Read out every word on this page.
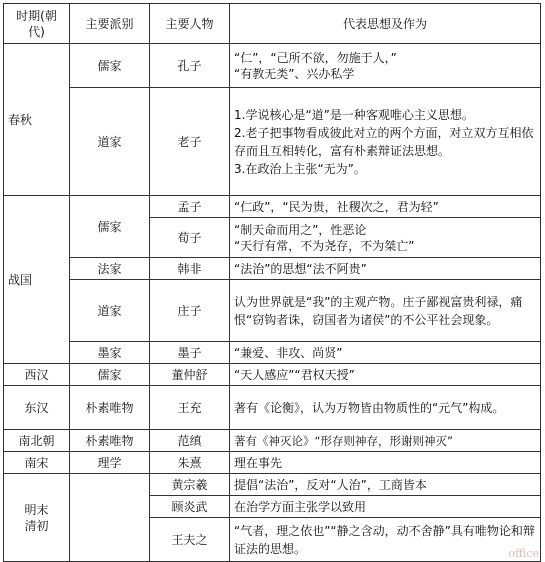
时期(朝代)	主要派别	主要人物	代表思想及作为
春秋	儒家	孔子	“仁”，“己所不欲，勿施于人，”
“有教无类”、兴办私学

	道家	老子	1.学说核心是“道”是一种客观唯心主义思想。
2.老子把事物看成彼此对立的两个方面，对立双方互相依存而且互相转化，富有朴素辩证法思想。
3.在政治上主张“无为”。

战国	儒家	孟子	“仁政”，“民为贵，社稷次之，君为轻”

		荀子	“制天命而用之”，性恶论
“天行有常，不为尧存，不为桀亡”

	法家	韩非	“法治”的思想“法不阿贵”

	道家	庄子	认为世界就是“我”的主观产物。庄子鄙视富贵利禄，痛恨“窃钩者诛，窃国者为诸侯”的不公平社会现象。

	墨家	墨子	“兼爱、非攻、尚贤”

西汉	儒家	董仲舒	“天人感应”“君权天授”

东汉	朴素唯物	王充	著有《论衡》，认为万物皆由物质性的“元气”构成。

南北朝	朴素唯物	范缜	著有《神灭论》“形存则神存，形谢则神灭”

南宋	理学	朱熹	理在事先

明末
清初		黄宗羲	提倡“法治”，反对“人治”，工商皆本

		顾炎武	在治学方面主张学以致用

		王夫之	“气者，理之依也”“静之含动，动不舍静”具有唯物论和辩证法的思想。	office
